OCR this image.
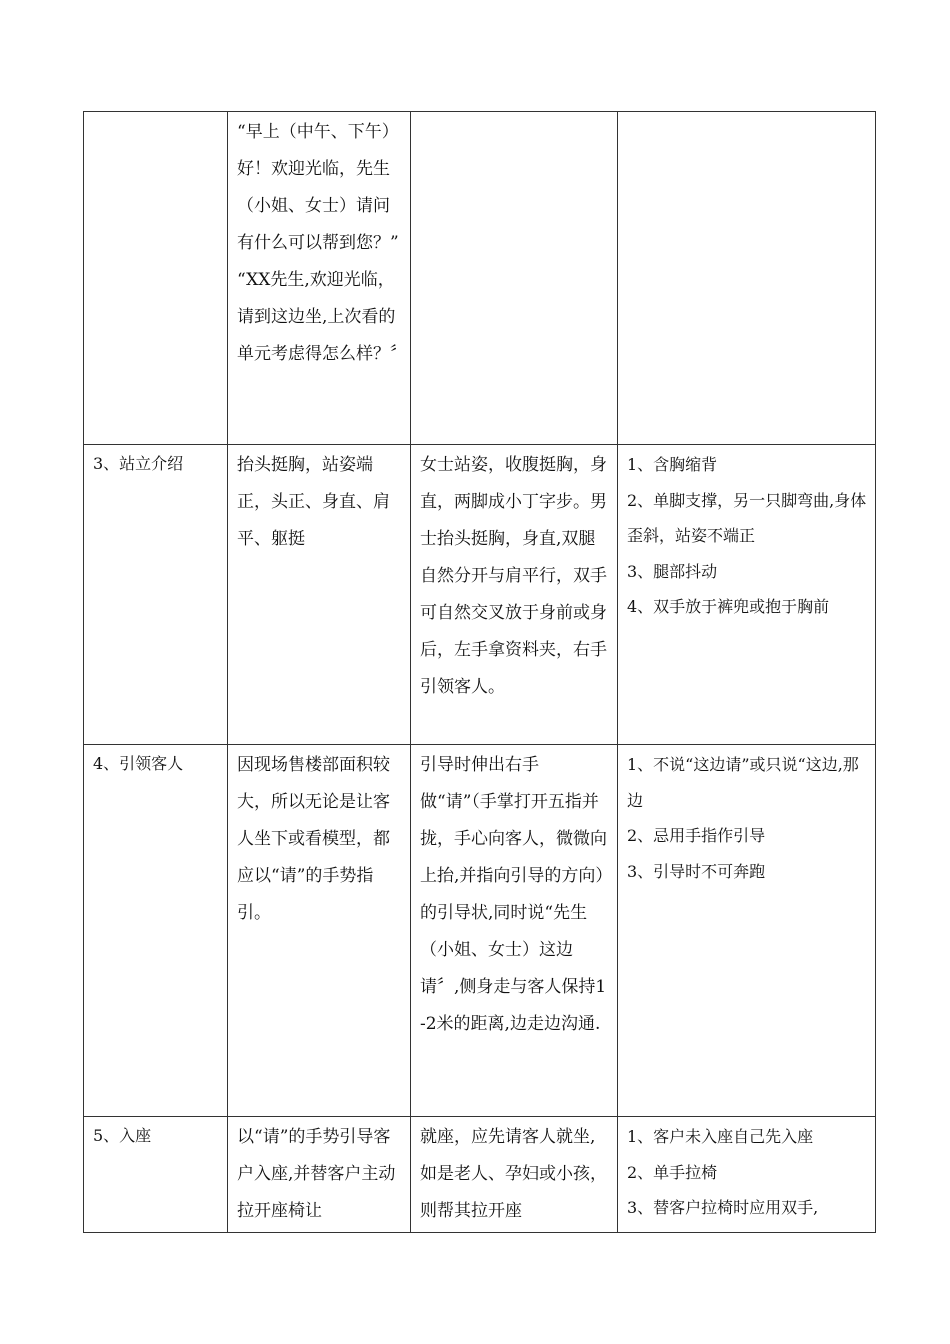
	“早上（中午、下午）好！欢迎光临，先生（小姐、女士）请问有什么可以帮到您？”

“XX先生,欢迎光临，请到这边坐,上次看的单元考虑得怎么样？〞		

3、站立介绍	抬头挺胸，站姿端正，头正、身直、肩平、躯挺	女士站姿，收腹挺胸，身直，两脚成小丁字步。男士抬头挺胸，身直,双腿自然分开与肩平行，双手可自然交叉放于身前或身后，左手拿资料夹，右手引领客人。	1、含胸缩背
2、单脚支撑，另一只脚弯曲,身体歪斜，站姿不端正
3、腿部抖动
4、双手放于裤兜或抱于胸前

4、引领客人	因现场售楼部面积较大，所以无论是让客人坐下或看模型，都应以“请”的手势指引。	引导时伸出右手做“请”（手掌打开五指并拢，手心向客人，微微向上抬,并指向引导的方向）的引导状,同时说“先生（小姐、女士）这边请〞,侧身走与客人保持1-2米的距离,边走边沟通.	1、不说“这边请”或只说“这边,那边

2、忌用手指作引导
3、引导时不可奔跑

5、入座	以“请”的手势引导客户入座,并替客户主动拉开座椅让	就座，应先请客人就坐,如是老人、孕妇或小孩，则帮其拉开座	1、客户未入座自己先入座
2、单手拉椅
3、替客户拉椅时应用双手,
